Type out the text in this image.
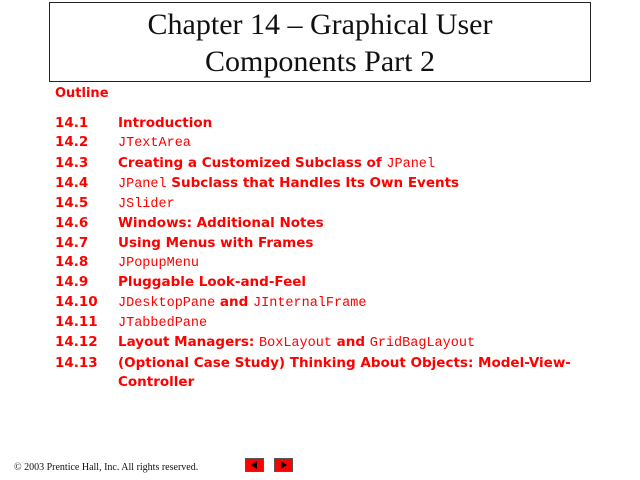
Chapter 14 – Graphical User
Components Part 2
Outline
14.1	Introduction
14.2	JTextArea
14.3	Creating a Customized Subclass of JPanel
14.4	JPanel Subclass that Handles Its Own Events
14.5	JSlider
14.6	Windows: Additional Notes
14.7	Using Menus with Frames
14.8	JPopupMenu
14.9	Pluggable Look-and-Feel
14.10	JDesktopPane and JInternalFrame
14.11	JTabbedPane
14.12	Layout Managers: BoxLayout and GridBagLayout
14.13	(Optional Case Study) Thinking About Objects: Model-View-Controller
© 2003 Prentice Hall, Inc. All rights reserved.
